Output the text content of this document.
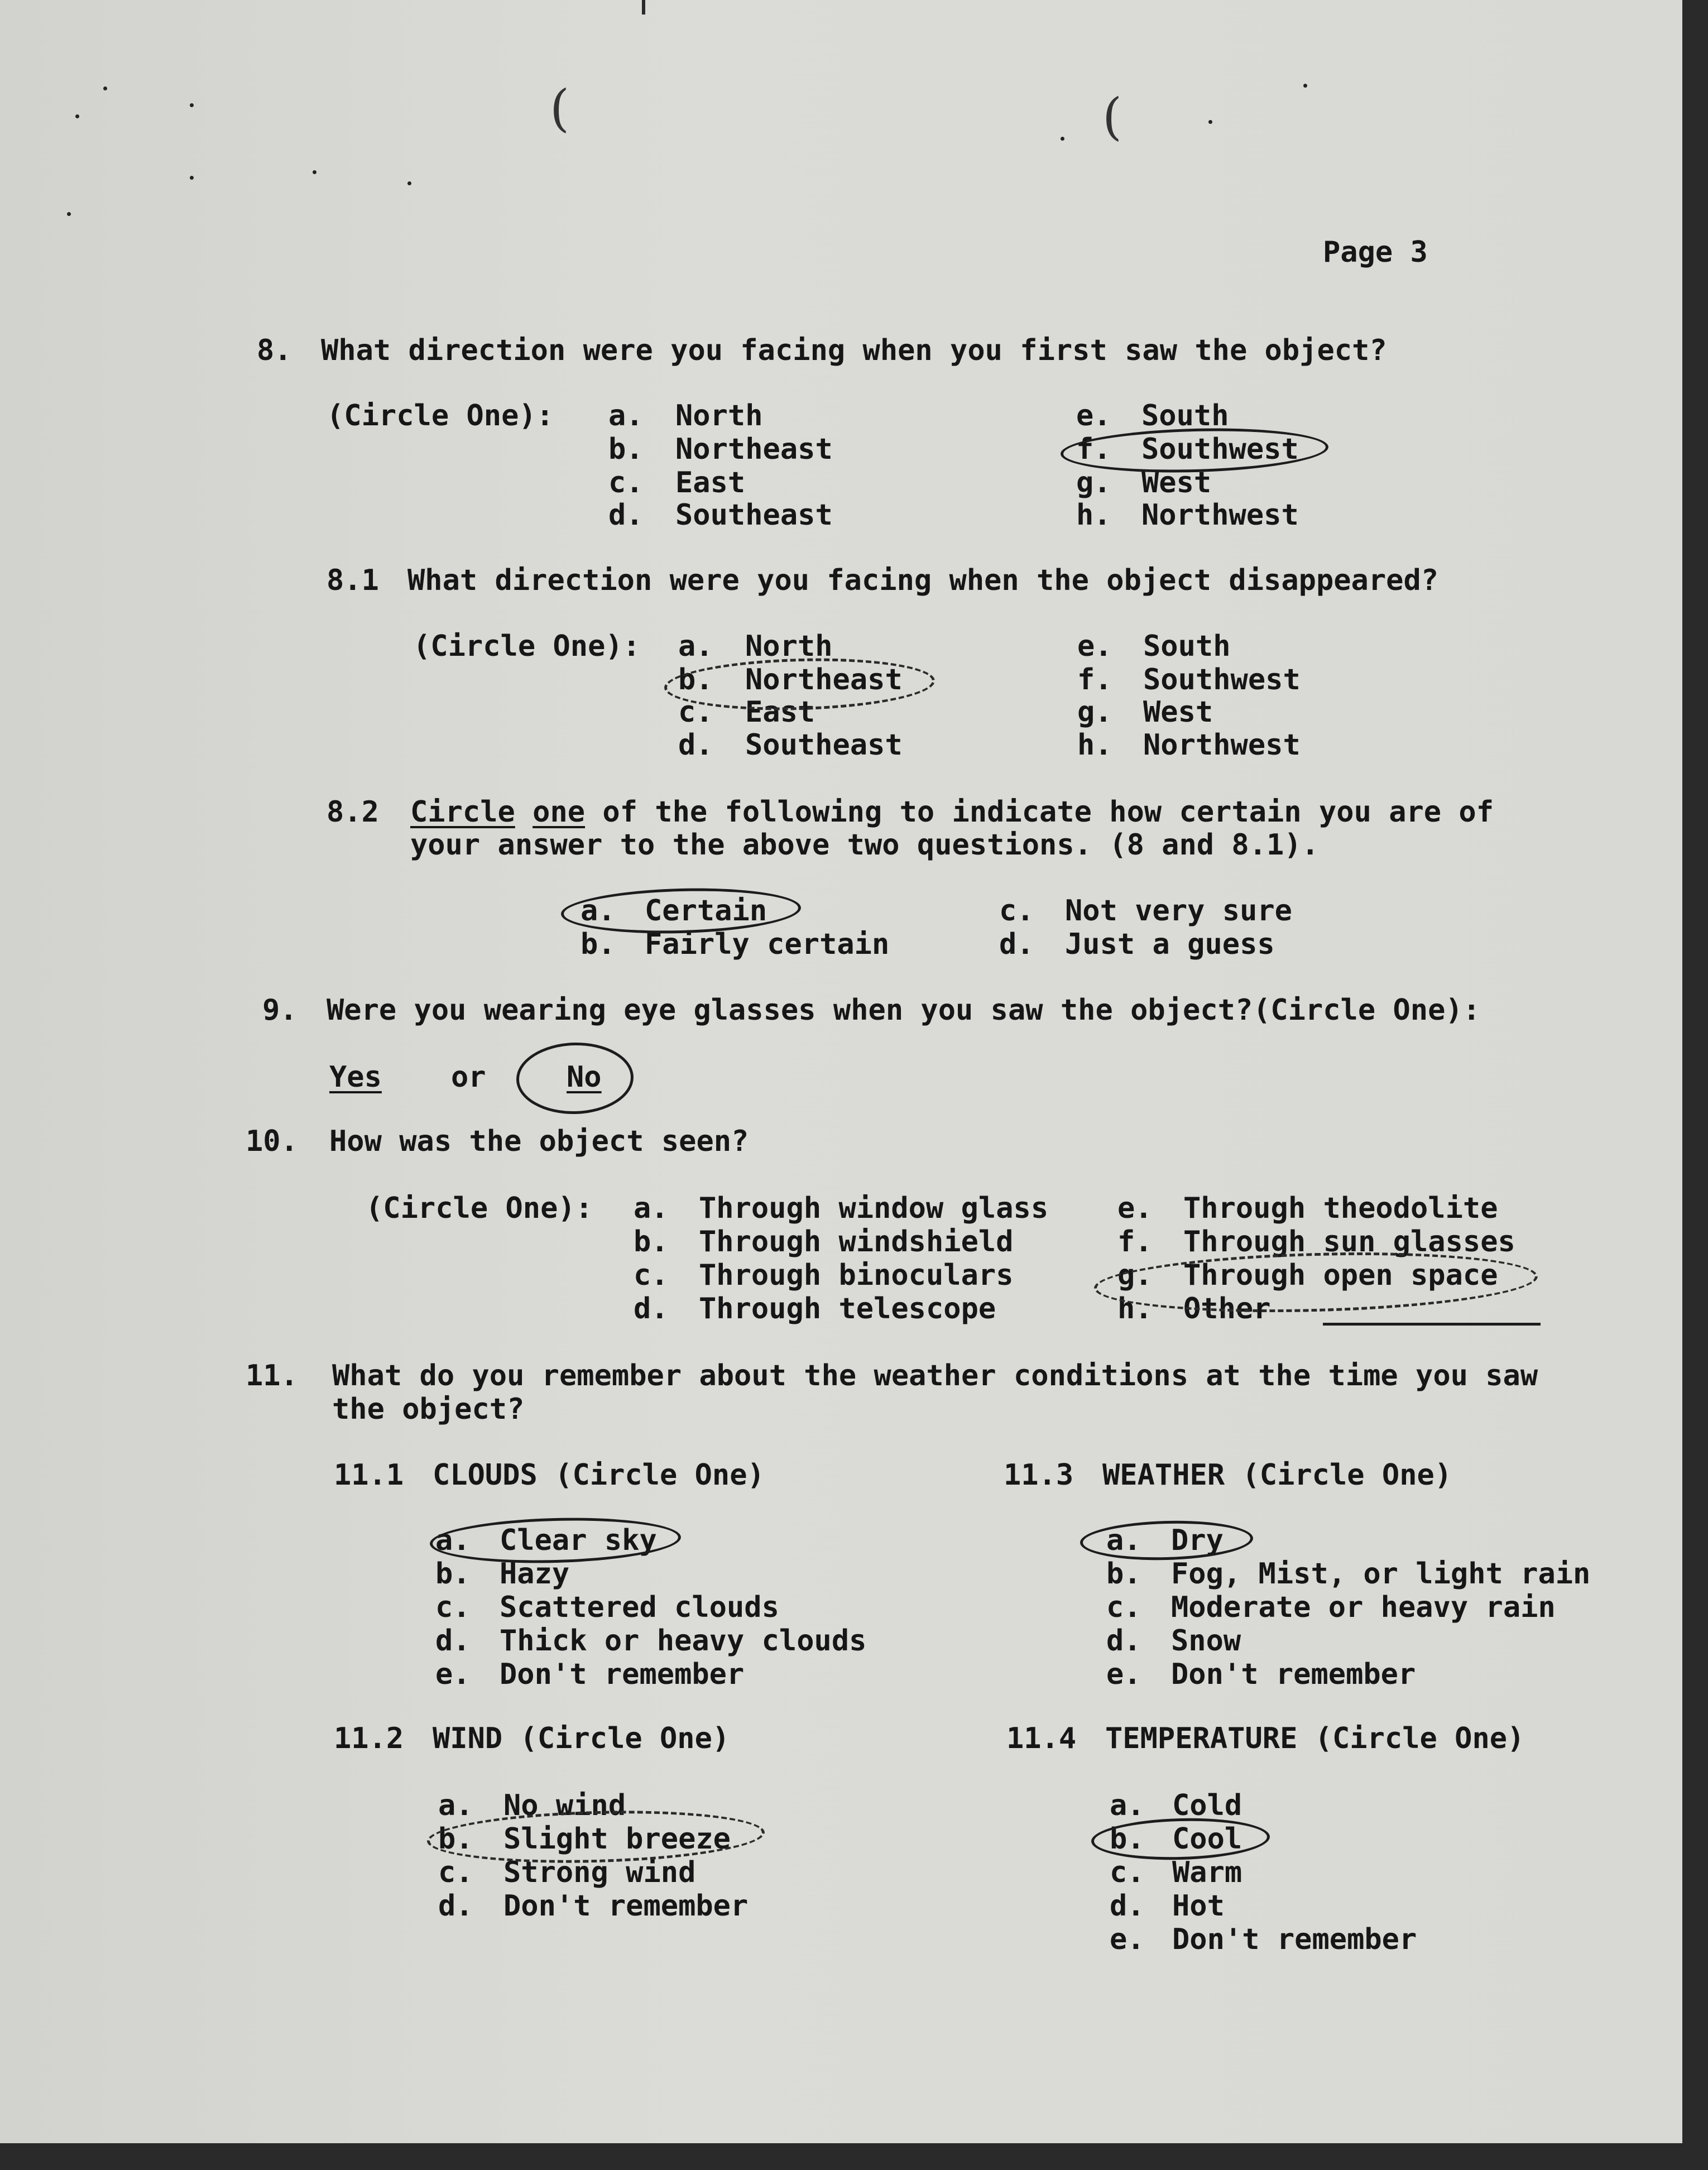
(	(
Page 3
8. What direction were you facing when you first saw the object?
(Circle One): a. North
b. Northeast
c. East
d. Southeast
e. South
f. Southwest
g. West
h. Northwest
8.1 What direction were you facing when the object disappeared?
(Circle One): a. North
b. Northeast
c. East
d. Southeast
e. South
f. Southwest
g. West
h. Northwest
8.2 Circle one of the following to indicate how certain you are of
your answer to the above two questions. (8 and 8.1).
a. Certain
b. Fairly certain
c. Not very sure
d. Just a guess
9. Were you wearing eye glasses when you saw the object? (Circle One):
Yes or	No
10. How was the object seen?
(Circle One): a. Through window glass
b. Through windshield
c. Through binoculars
d. Through telescope
e. Through theodolite
f. Through sun glasses
g. Through open space
h. Other
11. What do you remember about the weather conditions at the time you saw
the object?
11.1 CLOUDS (Circle One)
a. Clear sky
b. Hazy
c. Scattered clouds
d. Thick or heavy clouds
e. Don't remember
11.3 WEATHER (Circle One)
a. Dry
b. Fog, Mist, or light rain
c. Moderate or heavy rain
d. Snow
e. Don't remember
11.2 WIND (Circle One)
a. No wind
b. Slight breeze
c. Strong wind
d. Don't remember
11.4 TEMPERATURE (Circle One)
a. Cold
b. Cool
c. Warm
d. Hot
e. Don't remember
